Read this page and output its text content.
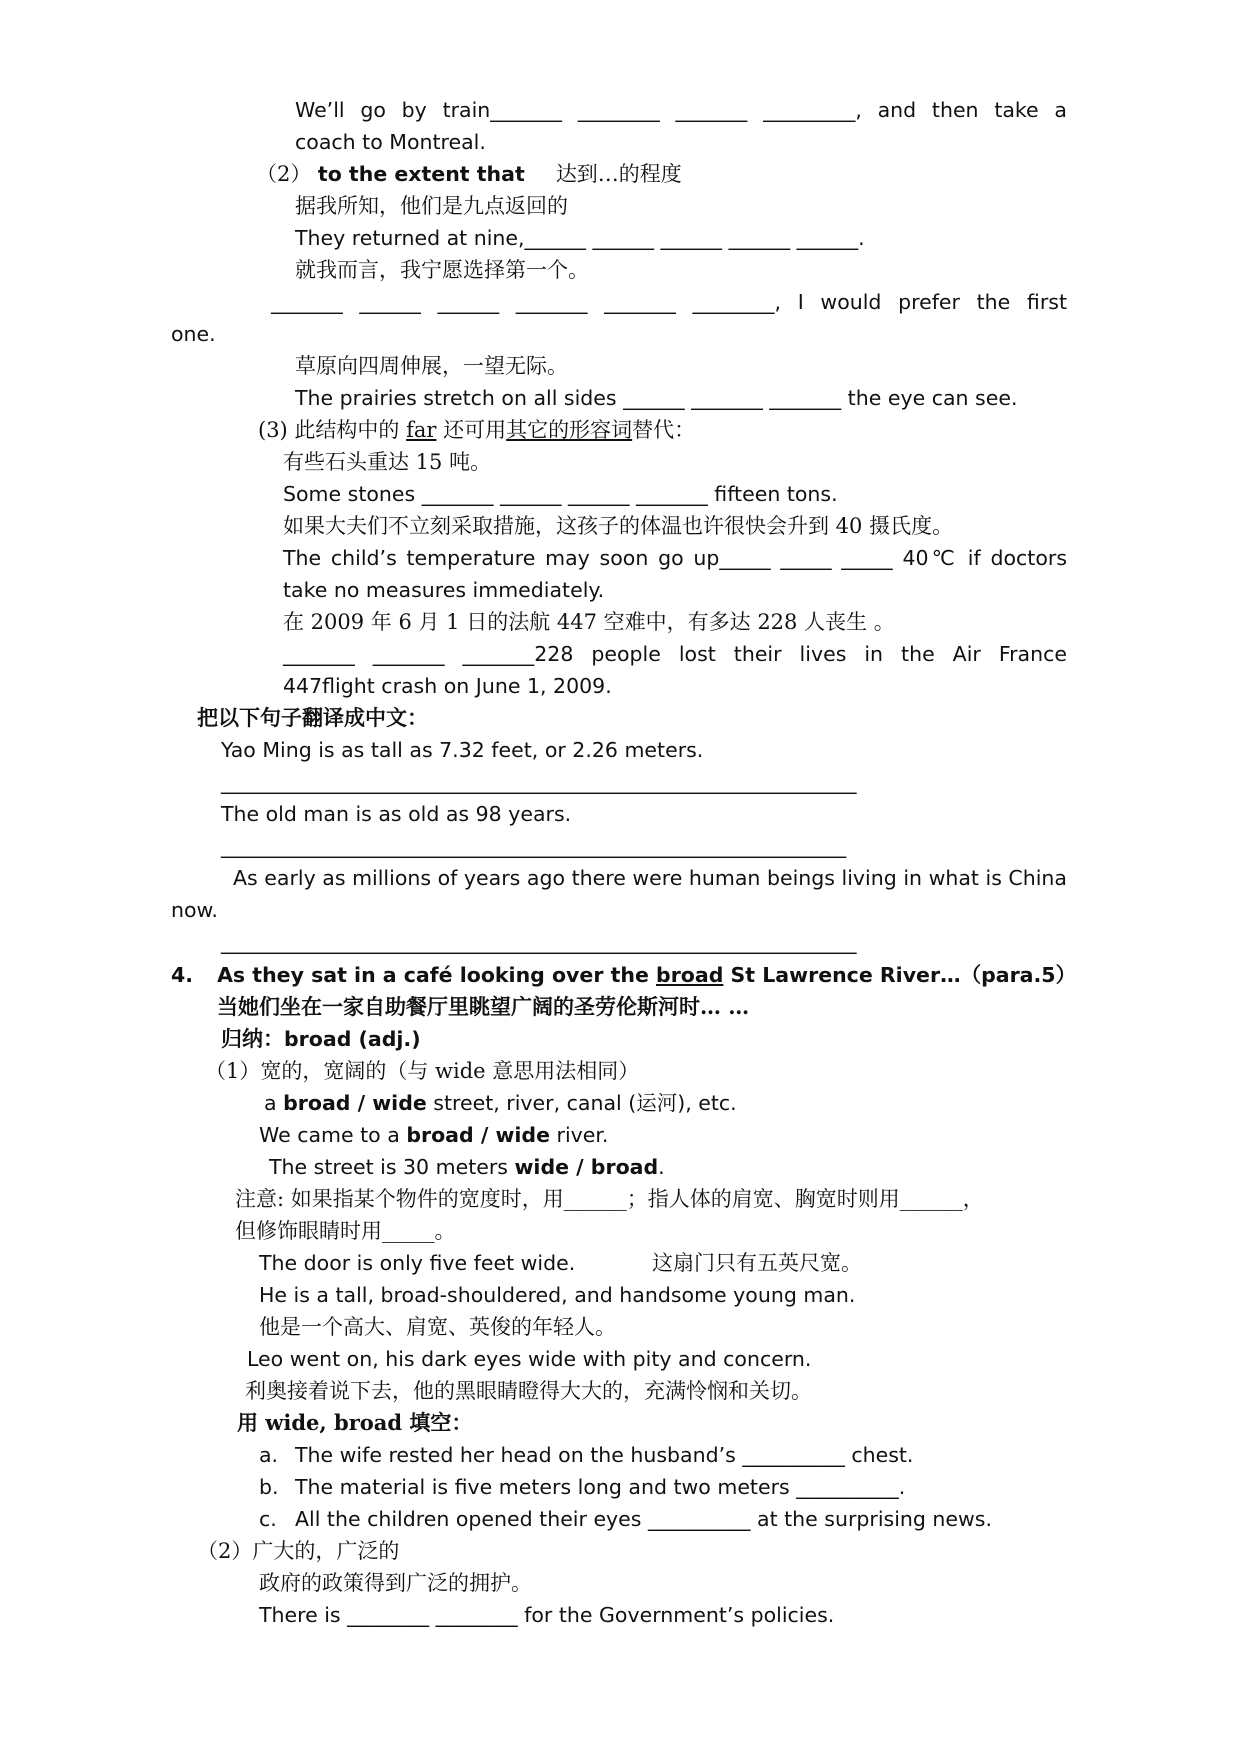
We’ll go by train_______ ________ _______ _________, and then take a
coach to Montreal.
（2） to the extent that 达到…的程度
据我所知，他们是九点返回的
They returned at nine,______ ______ ______ ______ ______.
就我而言，我宁愿选择第一个。
_______ ______ ______ _______ _______ ________, I would prefer the first
one.
草原向四周伸展，一望无际。
The prairies stretch on all sides ______ _______ _______ the eye can see.
(3) 此结构中的 far 还可用其它的形容词替代：
有些石头重达 15 吨。
Some stones _______ ______ ______ _______ fifteen tons.
如果大夫们不立刻采取措施，这孩子的体温也许很快会升到 40 摄氏度。
The child’s temperature may soon go up_____ _____ _____ 40℃ if doctors
take no measures immediately.
在 2009 年 6 月 1 日的法航 447 空难中，有多达 228 人丧生 。
_______ _______ _______228 people lost their lives in the Air France
447flight crash on June 1, 2009.
把以下句子翻译成中文：
Yao Ming is as tall as 7.32 feet, or 2.26 meters.
______________________________________________________________
The old man is as old as 98 years.
_____________________________________________________________
As early as millions of years ago there were human beings living in what is China
now.
______________________________________________________________
4. As they sat in a café looking over the broad St Lawrence River…（para.5）
当她们坐在一家自助餐厅里眺望广阔的圣劳伦斯河时… …
归纳：broad (adj.)
（1）宽的，宽阔的（与 wide 意思用法相同）
a broad / wide street, river, canal (运河), etc.
We came to a broad / wide river.
The street is 30 meters wide / broad.
注意: 如果指某个物件的宽度时，用______；指人体的肩宽、胸宽时则用______，
但修饰眼睛时用_____。
The door is only five feet wide.	这扇门只有五英尺宽。
He is a tall, broad-shouldered, and handsome young man.
他是一个高大、肩宽、英俊的年轻人。
Leo went on, his dark eyes wide with pity and concern.
利奥接着说下去，他的黑眼睛瞪得大大的，充满怜悯和关切。
用 wide, broad 填空：
a. The wife rested her head on the husband’s __________ chest.
b. The material is five meters long and two meters __________.
c. All the children opened their eyes __________ at the surprising news.
（2）广大的，广泛的
政府的政策得到广泛的拥护。
There is ________ ________ for the Government’s policies.
